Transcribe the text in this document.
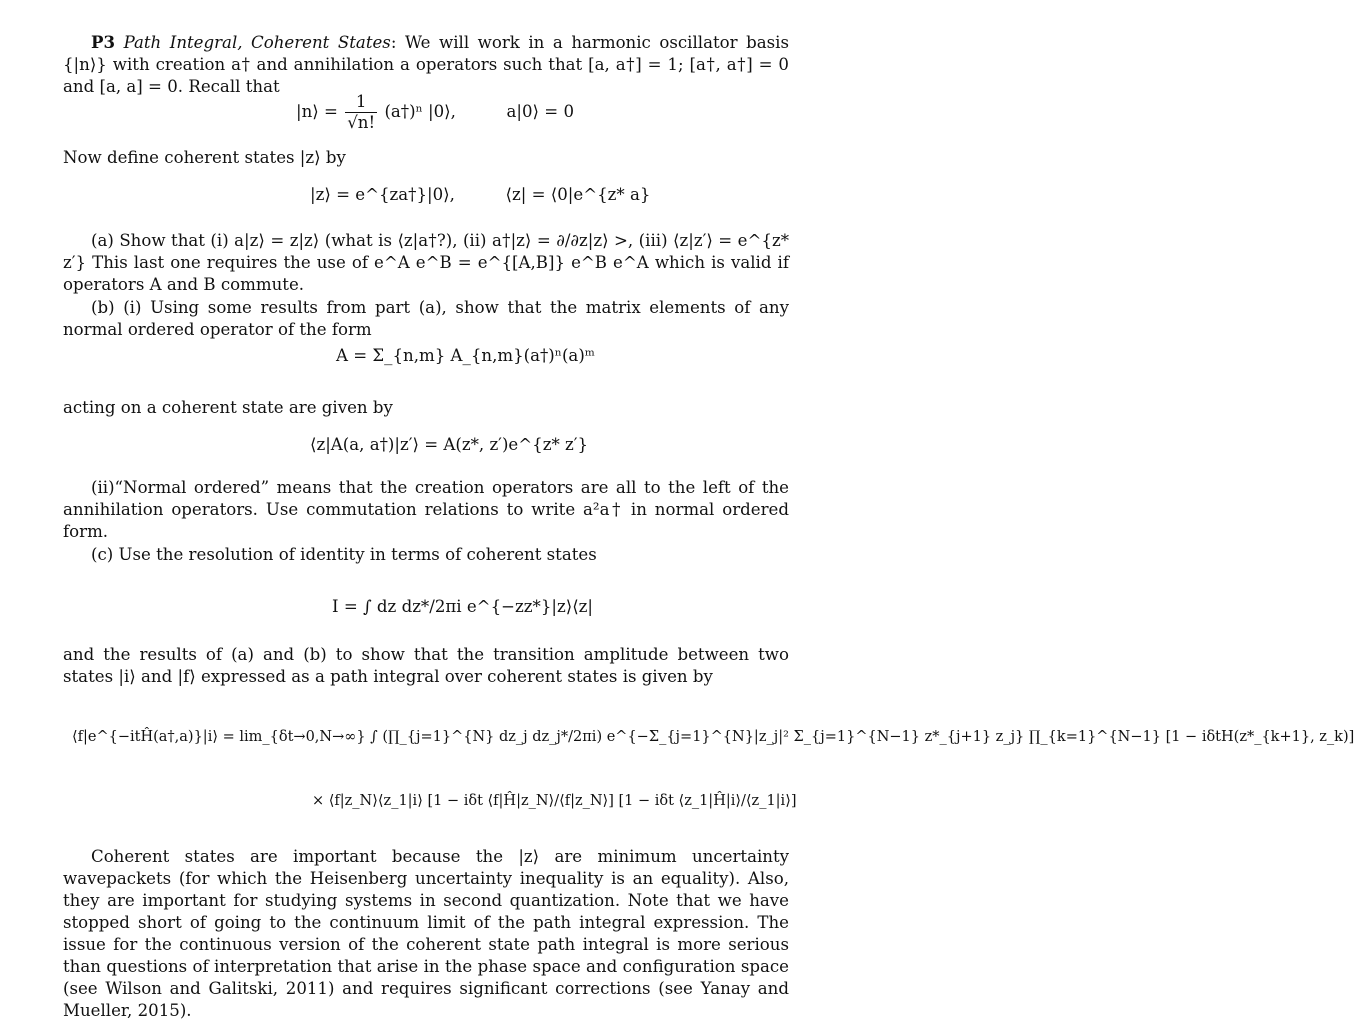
P3 Path Integral, Coherent States: We will work in a harmonic oscillator basis {|n⟩} with creation a† and annihilation a operators such that [a, a†] = 1; [a†, a†] = 0 and [a, a] = 0. Recall that
|n⟩ = $\frac{1}{√n!}$ (a†)ⁿ |0⟩,	a|0⟩ = 0
Now define coherent states |z⟩ by
|z⟩ = e^{za†}|0⟩,	⟨z| = ⟨0|e^{z* a}
(a) Show that (i) a|z⟩ = z|z⟩ (what is ⟨z|a†?), (ii) a†|z⟩ = ∂/∂z|z⟩ >, (iii) ⟨z|z′⟩ = e^{z* z′} This last one requires the use of e^A e^B = e^{[A,B]} e^B e^A which is valid if operators A and B commute.
(b) (i) Using some results from part (a), show that the matrix elements of any normal ordered operator of the form
A = Σ_{n,m} A_{n,m}(a†)ⁿ(a)ᵐ
acting on a coherent state are given by
⟨z|A(a, a†)|z′⟩ = A(z*, z′)e^{z* z′}
(ii)“Normal ordered” means that the creation operators are all to the left of the annihilation operators. Use commutation relations to write a²a† in normal ordered form.
(c) Use the resolution of identity in terms of coherent states
I = ∫ dz dz*/2πi e^{−zz*}|z⟩⟨z|
and the results of (a) and (b) to show that the transition amplitude between two states |i⟩ and |f⟩ expressed as a path integral over coherent states is given by
⟨f|e^{−itĤ(a†,a)}|i⟩ = lim_{δt→0,N→∞} ∫ (∏_{j=1}^{N} dz_j dz_j*/2πi) e^{−Σ_{j=1}^{N}|z_j|² Σ_{j=1}^{N−1} z*_{j+1} z_j} ∏_{k=1}^{N−1} [1 − iδtH(z*_{k+1}, z_k)]
× ⟨f|z_N⟩⟨z_1|i⟩ [1 − iδt ⟨f|Ĥ|z_N⟩/⟨f|z_N⟩] [1 − iδt ⟨z_1|Ĥ|i⟩/⟨z_1|i⟩]
Coherent states are important because the |z⟩ are minimum uncertainty wavepackets (for which the Heisenberg uncertainty inequality is an equality). Also, they are important for studying systems in second quantization. Note that we have stopped short of going to the continuum limit of the path integral expression. The issue for the continuous version of the coherent state path integral is more serious than questions of interpretation that arise in the phase space and configuration space (see Wilson and Galitski, 2011) and requires significant corrections (see Yanay and Mueller, 2015).
